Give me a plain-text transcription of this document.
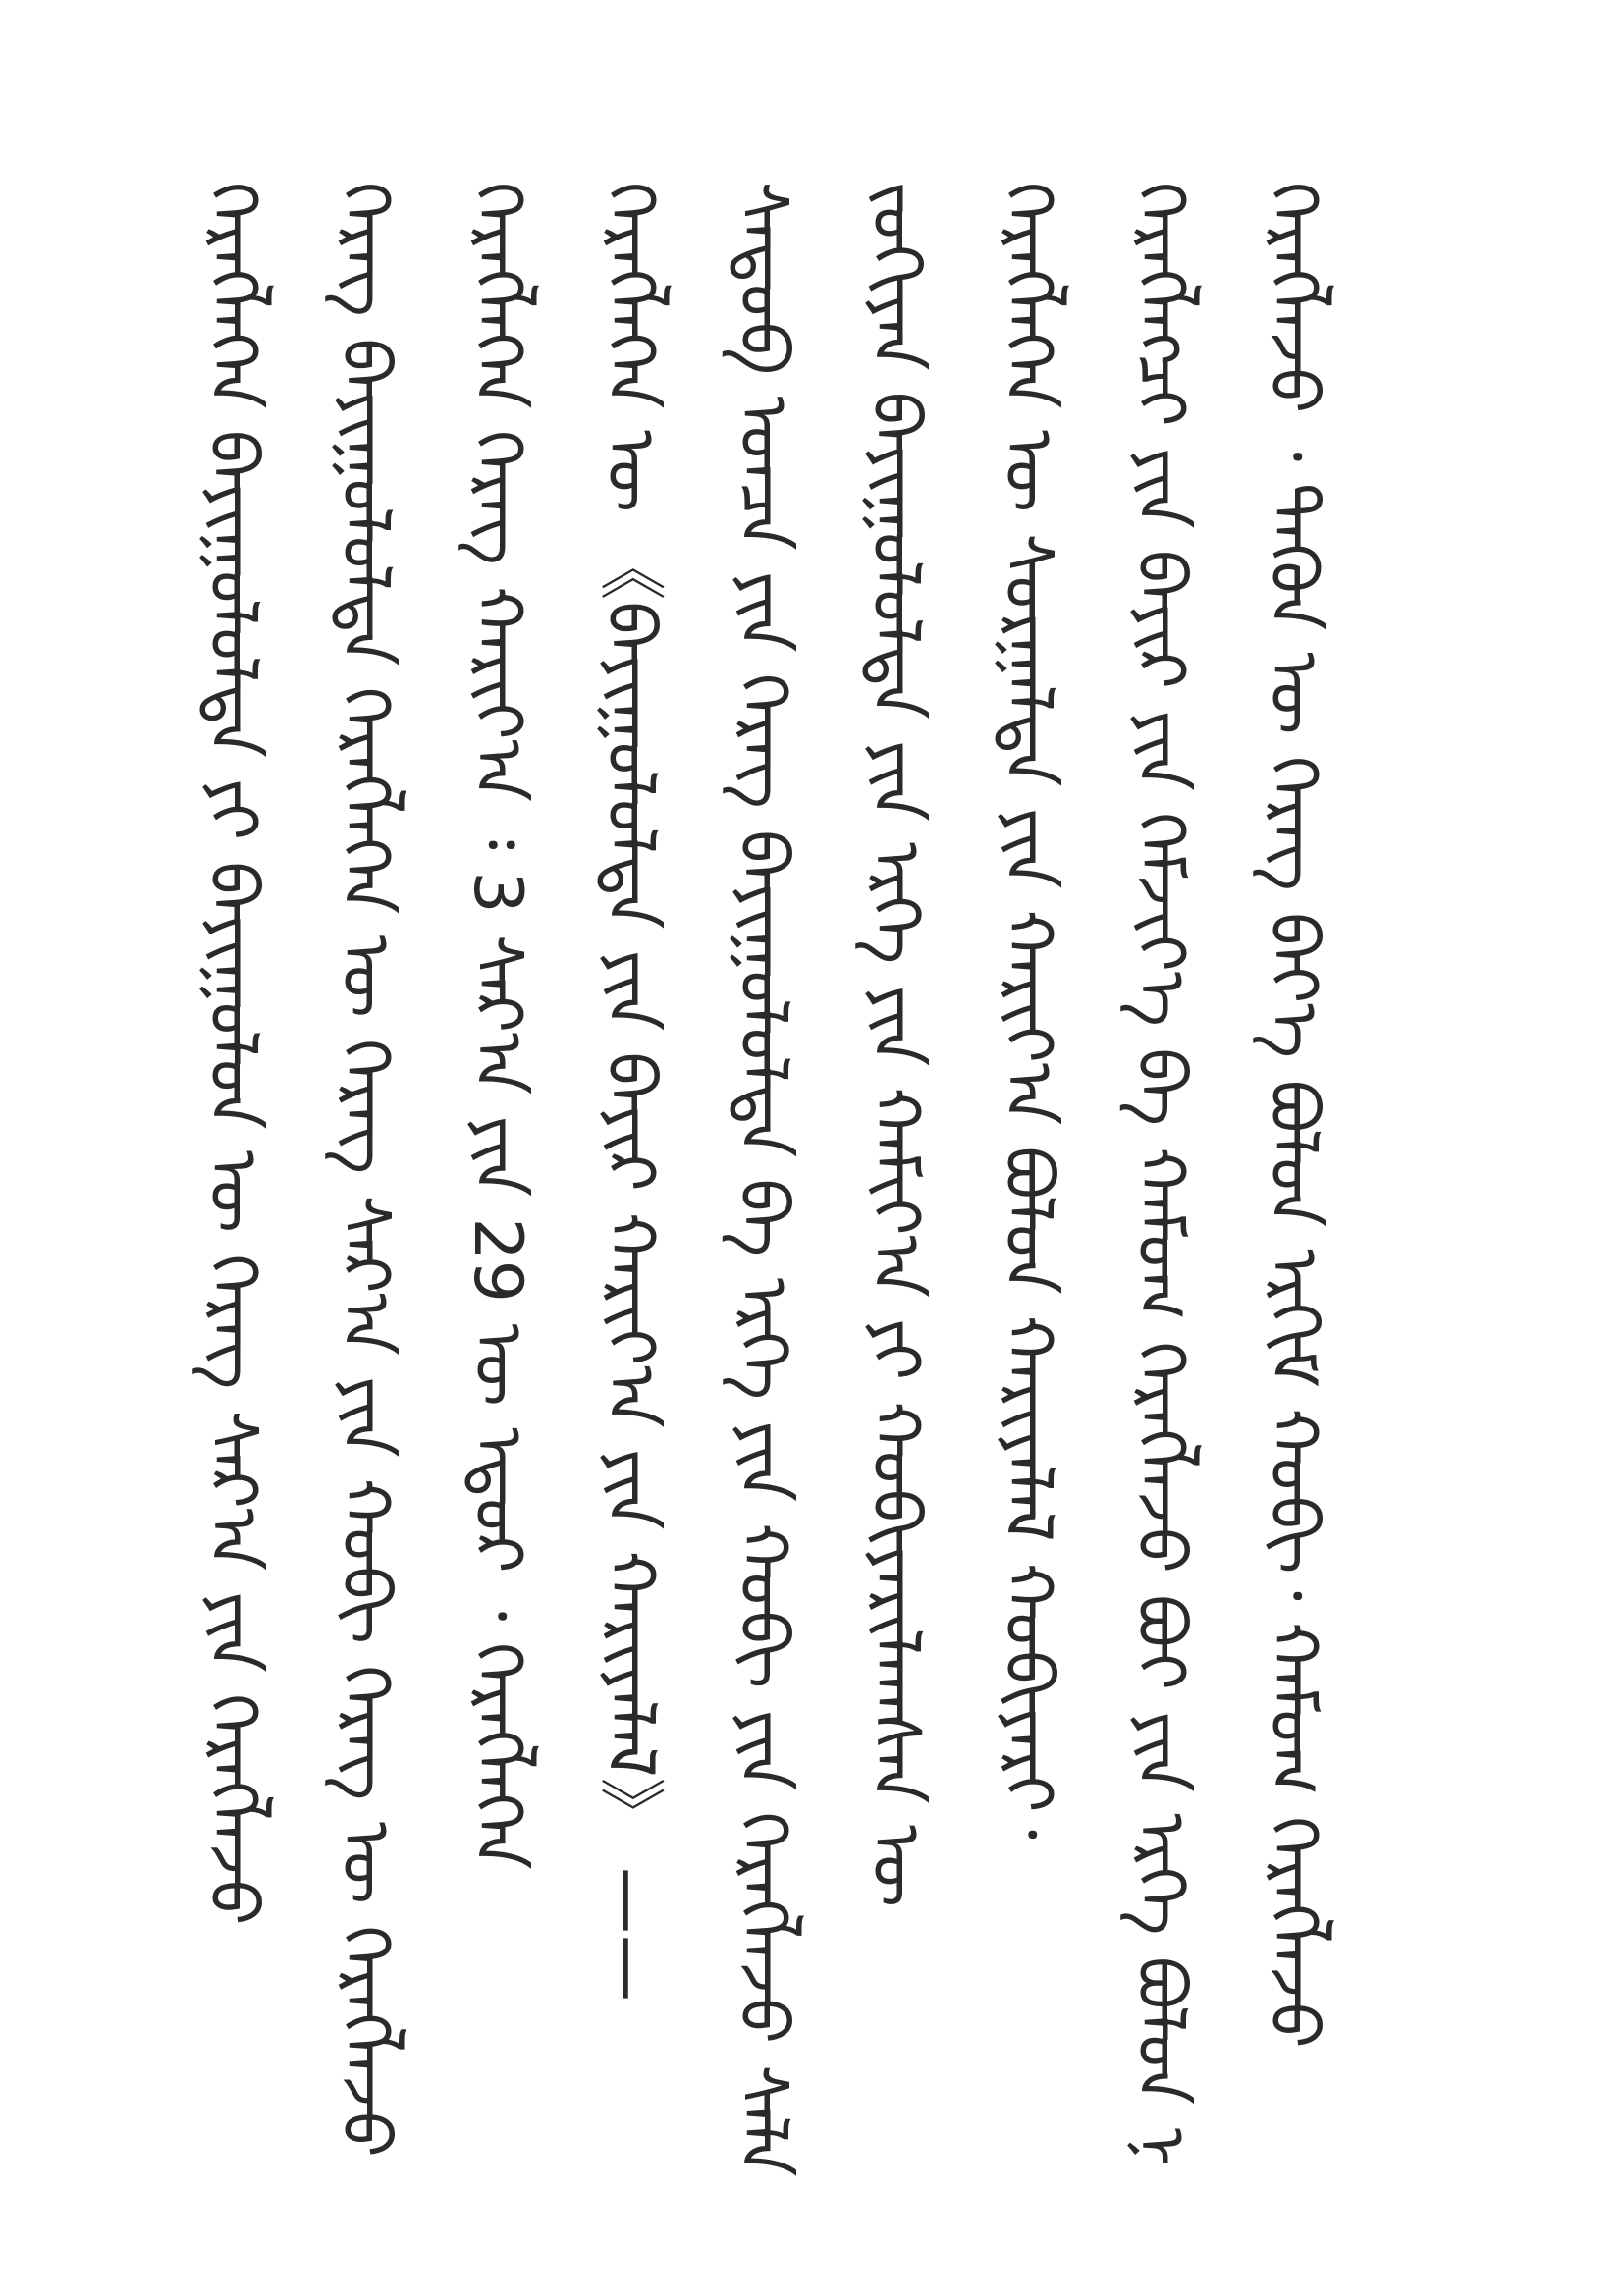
ᠬᠡᠷᠡᠭᠯᠡᠵᠦ ᠂ ᠲᠡᠭᠦᠨ ᠦ ᠬᠡᠷᠡᠭ ᠪᠡᠶ᠎ᠡ ᠪᠣᠯᠤᠨ ᠡᠷᠬᠢᠮ ᠬᠤᠪᠢ᠂ ᠬᠠᠮᠤᠭ ᠬᠡᠷᠡᠭᠯᠡᠵᠦ
ᠬᠡᠷᠡᠭᠯᠡᠭᠴᠢ ᠶᠢᠨ ᠪᠠᠶᠢᠷ ᠶᠢᠨ ᠬᠡᠮᠵᠢᠶ᠎ᠡ ᠪᠡ ᠬᠠᠮᠤᠭ ᠬᠡᠷᠡᠭᠯᠡᠵᠦ ᠪᠤᠢ ᠶᠢᠨ ᠡᠷᠬᠡ ᠪᠣᠯᠤᠨ ᠨ
ᠬᠡᠷᠡᠭᠯᠡᠭᠡᠨ ᠦ ᠰᠤᠷᠭᠠᠯᠲᠠ ᠶᠢᠨ ᠬᠠᠷᠢᠶ᠎ᠠ ᠪᠣᠯᠤᠨ ᠬᠠᠷᠢᠶᠠᠯᠠᠯ ᠬᠤᠪᠢᠶᠠᠷᠢ᠂
ᠵᠣᠬᠢᠶᠠᠨ ᠪᠠᠶᠢᠭᠤᠯᠤᠯᠲᠠ ᠶᠢᠨ ᠡᠷᠬᠡ ᠶᠢᠨ ᠬᠠᠮᠢᠶ᠎ᠠ ᠶᠢ ᠬᠤᠪᠢᠶᠠᠷᠢᠯᠠᠭᠰᠠᠨ ᠦ
ᠰᠡᠳᠦᠪ ᠣᠨᠴᠠ ᠶᠢᠨ ᠬᠡᠷᠡᠭ ᠪᠠᠶᠢᠭᠤᠯᠤᠯᠲᠠ ᠪᠠ ᠡᠷᠬᠡ ᠶᠢᠨ ᠬᠤᠪᠢ ᠶᠢᠨ ᠬᠡᠷᠡᠭᠯᠡᠵᠦ ᠰᠠᠯᠠ
ᠬᠡᠷᠡᠭᠯᠡᠭᠡᠨ ᠦ 《ᠪᠠᠶᠢᠭᠤᠯᠤᠯᠲᠠ ᠶᠢᠨ ᠪᠠᠶᠢᠷ ᠬᠠᠷᠢᠶ᠎ᠠ ᠶᠢᠨ ᠬᠠᠷᠢᠶᠠᠯᠠᠯ》 ——
ᠬᠡᠷᠡᠭᠯᠡᠭᠡᠨ ᠬᠡᠷᠡᠭ ᠬᠠᠷᠢᠶ᠎ᠠ ᠄ 3 ᠰᠠᠷ᠎ᠠ ᠶᠢᠨ 29 ᠦ ᠡᠳᠦᠷ ᠂ ᠬᠡᠷᠡᠭᠯᠡᠭᠡᠨ
ᠬᠡᠷᠡᠭ ᠪᠠᠶᠢᠭᠤᠯᠤᠯᠲᠠ ᠬᠡᠷᠡᠭᠯᠡᠭᠡᠨ ᠦ ᠬᠡᠷᠡᠭ ᠰᠠᠷ᠎ᠠ ᠶᠢᠨ ᠬᠤᠪᠢ ᠬᠡᠷᠡᠭ ᠦ ᠬᠡᠷᠡᠭᠯᠡᠵᠦ
ᠬᠡᠷᠡᠭᠯᠡᠭᠡᠨ ᠪᠠᠶᠢᠭᠤᠯᠤᠯᠲᠠ ᠶᠢ ᠪᠠᠶᠢᠭᠤᠯᠤᠨ ᠦ ᠬᠡᠷᠡᠭ ᠰᠠᠷ᠎ᠠ ᠶᠢᠨ ᠬᠡᠷᠡᠭᠯᠡᠵᠦ
